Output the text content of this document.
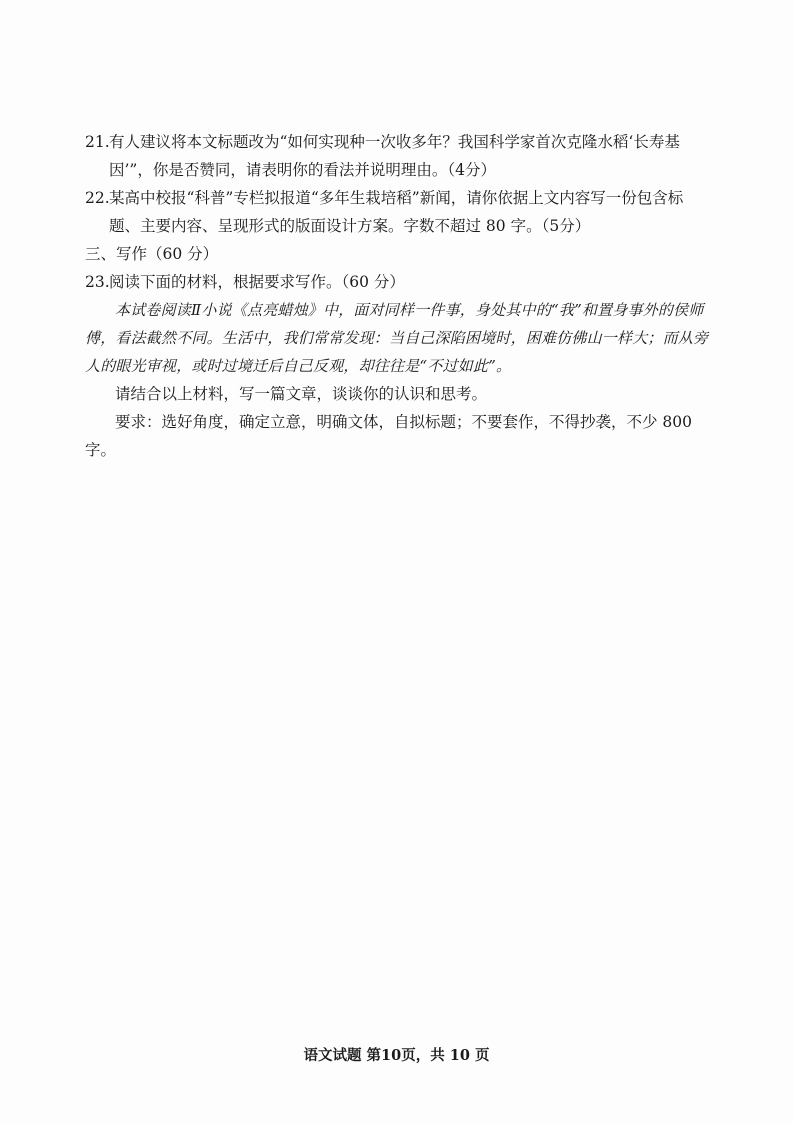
21.有人建议将本文标题改为“如何实现种一次收多年？我国科学家首次克隆水稻‘长寿基因’”，你是否赞同，请表明你的看法并说明理由。（4分）

22.某高中校报“科普”专栏拟报道“多年生栽培稻”新闻，请你依据上文内容写一份包含标题、主要内容、呈现形式的版面设计方案。字数不超过 80 字。（5分）

三、写作（60 分）

23.阅读下面的材料，根据要求写作。（60 分）

本试卷阅读Ⅱ小说《点亮蜡烛》中，面对同样一件事，身处其中的“我”和置身事外的侯师傅，看法截然不同。生活中，我们常常发现：当自己深陷困境时，困难仿佛山一样大；而从旁人的眼光审视，或时过境迁后自己反观，却往往是“不过如此”。

请结合以上材料，写一篇文章，谈谈你的认识和思考。

要求：选好角度，确定立意，明确文体，自拟标题；不要套作，不得抄袭，不少 800 字。

语文试题 第10页，共 10 页
